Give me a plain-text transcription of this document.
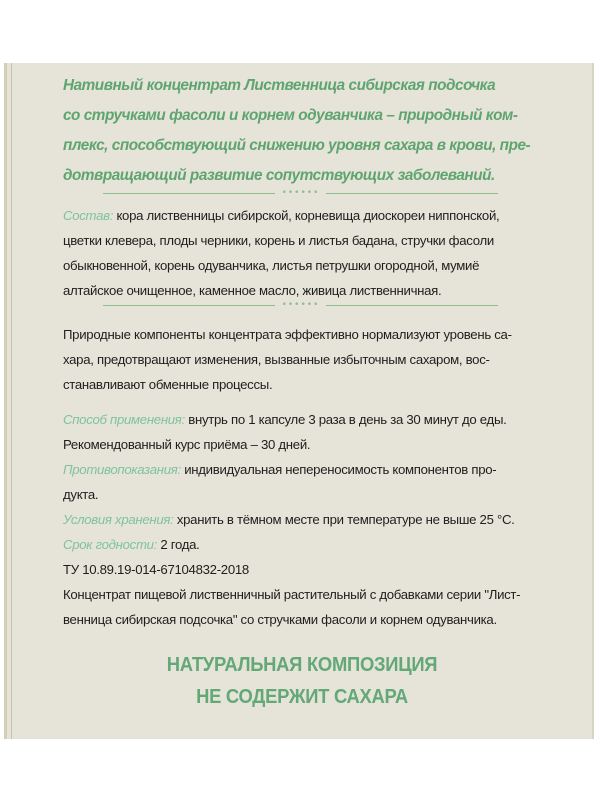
Нативный концентрат Лиственница сибирская подсочка
со стручками фасоли и корнем одуванчика – природный ком-
плекс, способствующий снижению уровня сахара в крови, пре-
дотвращающий развитие сопутствующих заболеваний.
••••••
Состав: кора лиственницы сибирской, корневища диоскореи ниппонской,
цветки клевера, плоды черники, корень и листья бадана, стручки фасоли
обыкновенной, корень одуванчика, листья петрушки огородной, мумиё
алтайское очищенное, каменное масло, живица лиственничная.
••••••
Природные компоненты концентрата эффективно нормализуют уровень са-
хара, предотвращают изменения, вызванные избыточным сахаром, вос-
станавливают обменные процессы.
Способ применения: внутрь по 1 капсуле 3 раза в день за 30 минут до еды.
Рекомендованный курс приёма – 30 дней.
Противопоказания: индивидуальная непереносимость компонентов про-
дукта.
Условия хранения: хранить в тёмном месте при температуре не выше 25 °С.
Срок годности: 2 года.
ТУ 10.89.19-014-67104832-2018
Концентрат пищевой лиственничный растительный с добавками серии "Лист-
венница сибирская подсочка" со стручками фасоли и корнем одуванчика.
НАТУРАЛЬНАЯ КОМПОЗИЦИЯ
НЕ СОДЕРЖИТ САХАРА
